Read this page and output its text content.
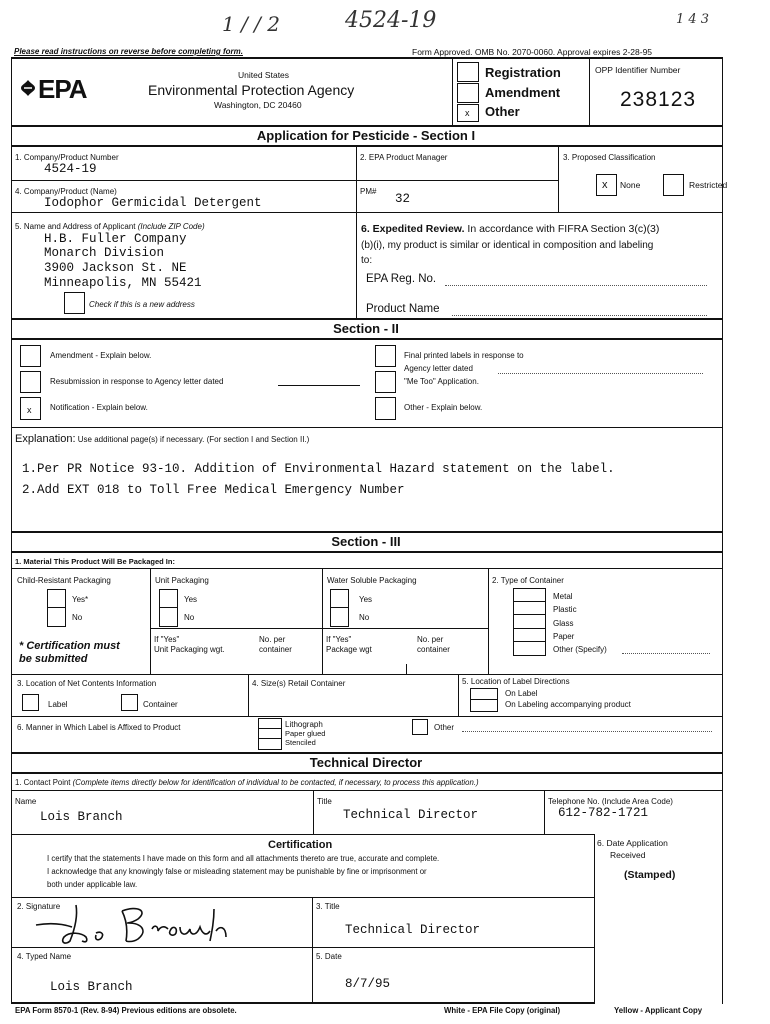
1 / / 2	4524-19	1 4 3
Please read instructions on reverse before completing form.	Form Approved. OMB No. 2070-0060. Approval expires 2-28-95
EPA	United States
Environmental Protection Agency
Washington, DC 20460
Registration
Amendment
x Other
OPP Identifier Number
238123
Application for Pesticide - Section I
1. Company/Product Number
4524-19
2. EPA Product Manager	3. Proposed Classification
x None	Restricted
4. Company/Product (Name)
Iodophor Germicidal Detergent
PM#
32
5. Name and Address of Applicant (Include ZIP Code)
H.B. Fuller Company
Monarch Division
3900 Jackson St. NE
Minneapolis, MN 55421
Check if this is a new address
6. Expedited Review. In accordance with FIFRA Section 3(c)(3)
(b)(i), my product is similar or identical in composition and labeling
to:
EPA Reg. No.
Product Name
Section - II
Amendment - Explain below.
Resubmission in response to Agency letter dated
x Notification - Explain below.
Final printed labels in response to
Agency letter dated
"Me Too" Application.
Other - Explain below.
Explanation: Use additional page(s) if necessary. (For section I and Section II.)
1.Per PR Notice 93-10. Addition of Environmental Hazard statement on the label.
2.Add EXT 018 to Toll Free Medical Emergency Number
Section - III
1. Material This Product Will Be Packaged In:
Child-Resistant Packaging
Yes*
No
* Certification must
be submitted
Unit Packaging
Yes
No
If "Yes"
Unit Packaging wgt.
No. per
container
Water Soluble Packaging
Yes
No
If "Yes"
Package wgt
No. per
container
2. Type of Container
Metal
Plastic
Glass
Paper
Other (Specify)
3. Location of Net Contents Information
Label	Container
4. Size(s) Retail Container	5. Location of Label Directions
On Label
On Labeling accompanying product
6. Manner in Which Label is Affixed to Product	Lithograph
Paper glued
Stenciled
Other
Technical Director
1. Contact Point (Complete items directly below for identification of individual to be contacted, if necessary, to process this application.)
Name
Lois Branch
Title
Technical Director
Telephone No. (Include Area Code)
612-782-1721
Certification
I certify that the statements I have made on this form and all attachments thereto are true, accurate and complete.
I acknowledge that any knowingly false or misleading statement may be punishable by fine or imprisonment or
both under applicable law.
6. Date Application
Received
(Stamped)
2. Signature	3. Title
Technical Director
4. Typed Name
Lois Branch
5. Date
8/7/95
EPA Form 8570-1 (Rev. 8-94) Previous editions are obsolete.	White - EPA File Copy (original)	Yellow - Applicant Copy
